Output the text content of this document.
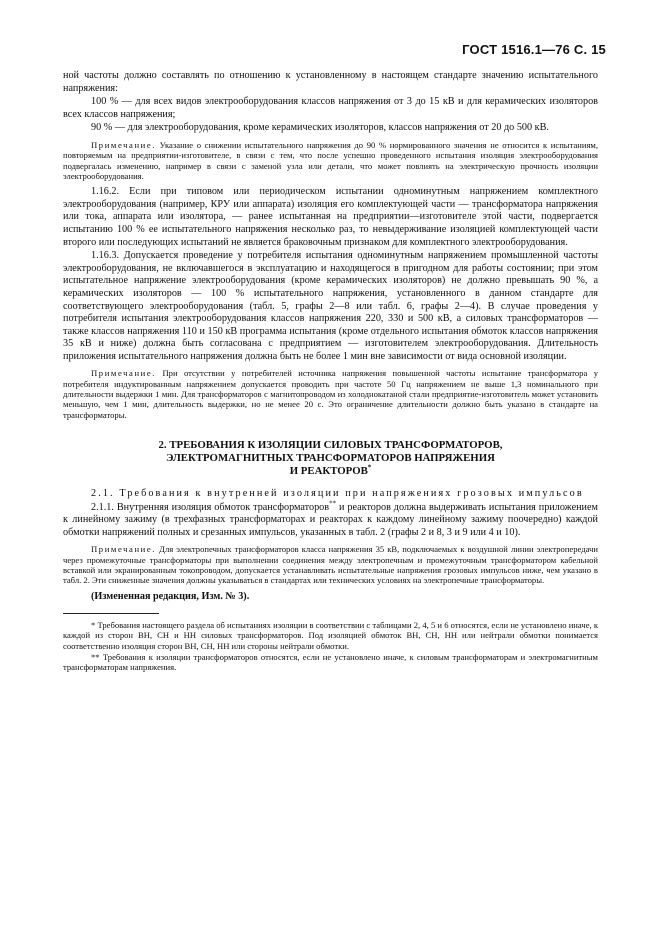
ГОСТ 1516.1—76 С. 15

ной частоты должно составлять по отношению к установленному в настоящем стандарте значению испытательного напряжения:

100 % — для всех видов электрооборудования классов напряжения от 3 до 15 кВ и для керамических изоляторов всех классов напряжения;

90 % — для электрооборудования, кроме керамических изоляторов, классов напряжения от 20 до 500 кВ.

Примечание. Указание о снижении испытательного напряжения до 90 % нормированного значения не относится к испытаниям, повторяемым на предприятии-изготовителе, в связи с тем, что после успешно проведенного испытания изоляция электрооборудования подвергалась изменению, например в связи с заменой узла или детали, что может повлиять на электрическую прочность изоляции электрооборудования.

1.16.2. Если при типовом или периодическом испытании одноминутным напряжением комплектного электрооборудования (например, КРУ или аппарата) изоляция его комплектующей части — трансформатора напряжения или тока, аппарата или изолятора, — ранее испытанная на предприятии—изготовителе этой части, подвергается испытанию 100 % ее испытательного напряжения несколько раз, то невыдерживание изоляцией комплектующей части второго или последующих испытаний не является браковочным признаком для комплектного электрооборудования.

1.16.3. Допускается проведение у потребителя испытания одноминутным напряжением промышленной частоты электрооборудования, не включавшегося в эксплуатацию и находящегося в пригодном для работы состоянии; при этом испытательное напряжение электрооборудования (кроме керамических изоляторов) не должно превышать 90 %, а керамических изоляторов — 100 % испытательного напряжения, установленного в данном стандарте для соответствующего электрооборудования (табл. 5, графы 2—8 или табл. 6, графы 2—4). В случае проведения у потребителя испытания электрооборудования классов напряжения 220, 330 и 500 кВ, а силовых трансформаторов — также классов напряжения 110 и 150 кВ программа испытания (кроме отдельного испытания обмоток классов напряжения 35 кВ и ниже) должна быть согласована с предприятием — изготовителем электрооборудования. Длительность приложения испытательного напряжения должна быть не более 1 мин вне зависимости от вида основной изоляции.

Примечание. При отсутствии у потребителей источника напряжения повышенной частоты испытание трансформатора у потребителя индуктированным напряжением допускается проводить при частоте 50 Гц напряжением не выше 1,3 номинального при длительности выдержки 1 мин. Для трансформаторов с магнитопроводом из холоднокатаной стали предприятие-изготовитель может установить меньшую, чем 1 мин, длительность выдержки, но не менее 20 с. Это ограничение длительности должно быть указано в стандарте на трансформаторы.

2. ТРЕБОВАНИЯ К ИЗОЛЯЦИИ СИЛОВЫХ ТРАНСФОРМАТОРОВ,
ЭЛЕКТРОМАГНИТНЫХ ТРАНСФОРМАТОРОВ НАПРЯЖЕНИЯ
И РЕАКТОРОВ*

2.1. Требования к внутренней изоляции при напряжениях грозовых импульсов

2.1.1. Внутренняя изоляция обмоток трансформаторов** и реакторов должна выдерживать испытания приложением к линейному зажиму (в трехфазных трансформаторах и реакторах к каждому линейному зажиму поочередно) каждой обмотки напряжений полных и срезанных импульсов, указанных в табл. 2 (графы 2 и 8, 3 и 9 или 4 и 10).

Примечание. Для электропечных трансформаторов класса напряжения 35 кВ, подключаемых к воздушной линии электропередачи через промежуточные трансформаторы при выполнении соединения между электропечным и промежуточным трансформатором кабельной вставкой или экранированным токопроводом, допускается устанавливать испытательные напряжения грозовых импульсов ниже, чем указано в табл. 2. Эти сниженные значения должны указываться в стандартах или технических условиях на электропечные трансформаторы.

(Измененная редакция, Изм. № 3).

* Требования настоящего раздела об испытаниях изоляции в соответствии с таблицами 2, 4, 5 и 6 относятся, если не установлено иначе, к каждой из сторон ВН, СН и НН силовых трансформаторов. Под изоляцией обмоток ВН, СН, НН или нейтрали обмотки понимается соответственно изоляция сторон ВН, СН, НН или стороны нейтрали обмотки.

** Требования к изоляции трансформаторов относятся, если не установлено иначе, к силовым трансформаторам и электромагнитным трансформаторам напряжения.
